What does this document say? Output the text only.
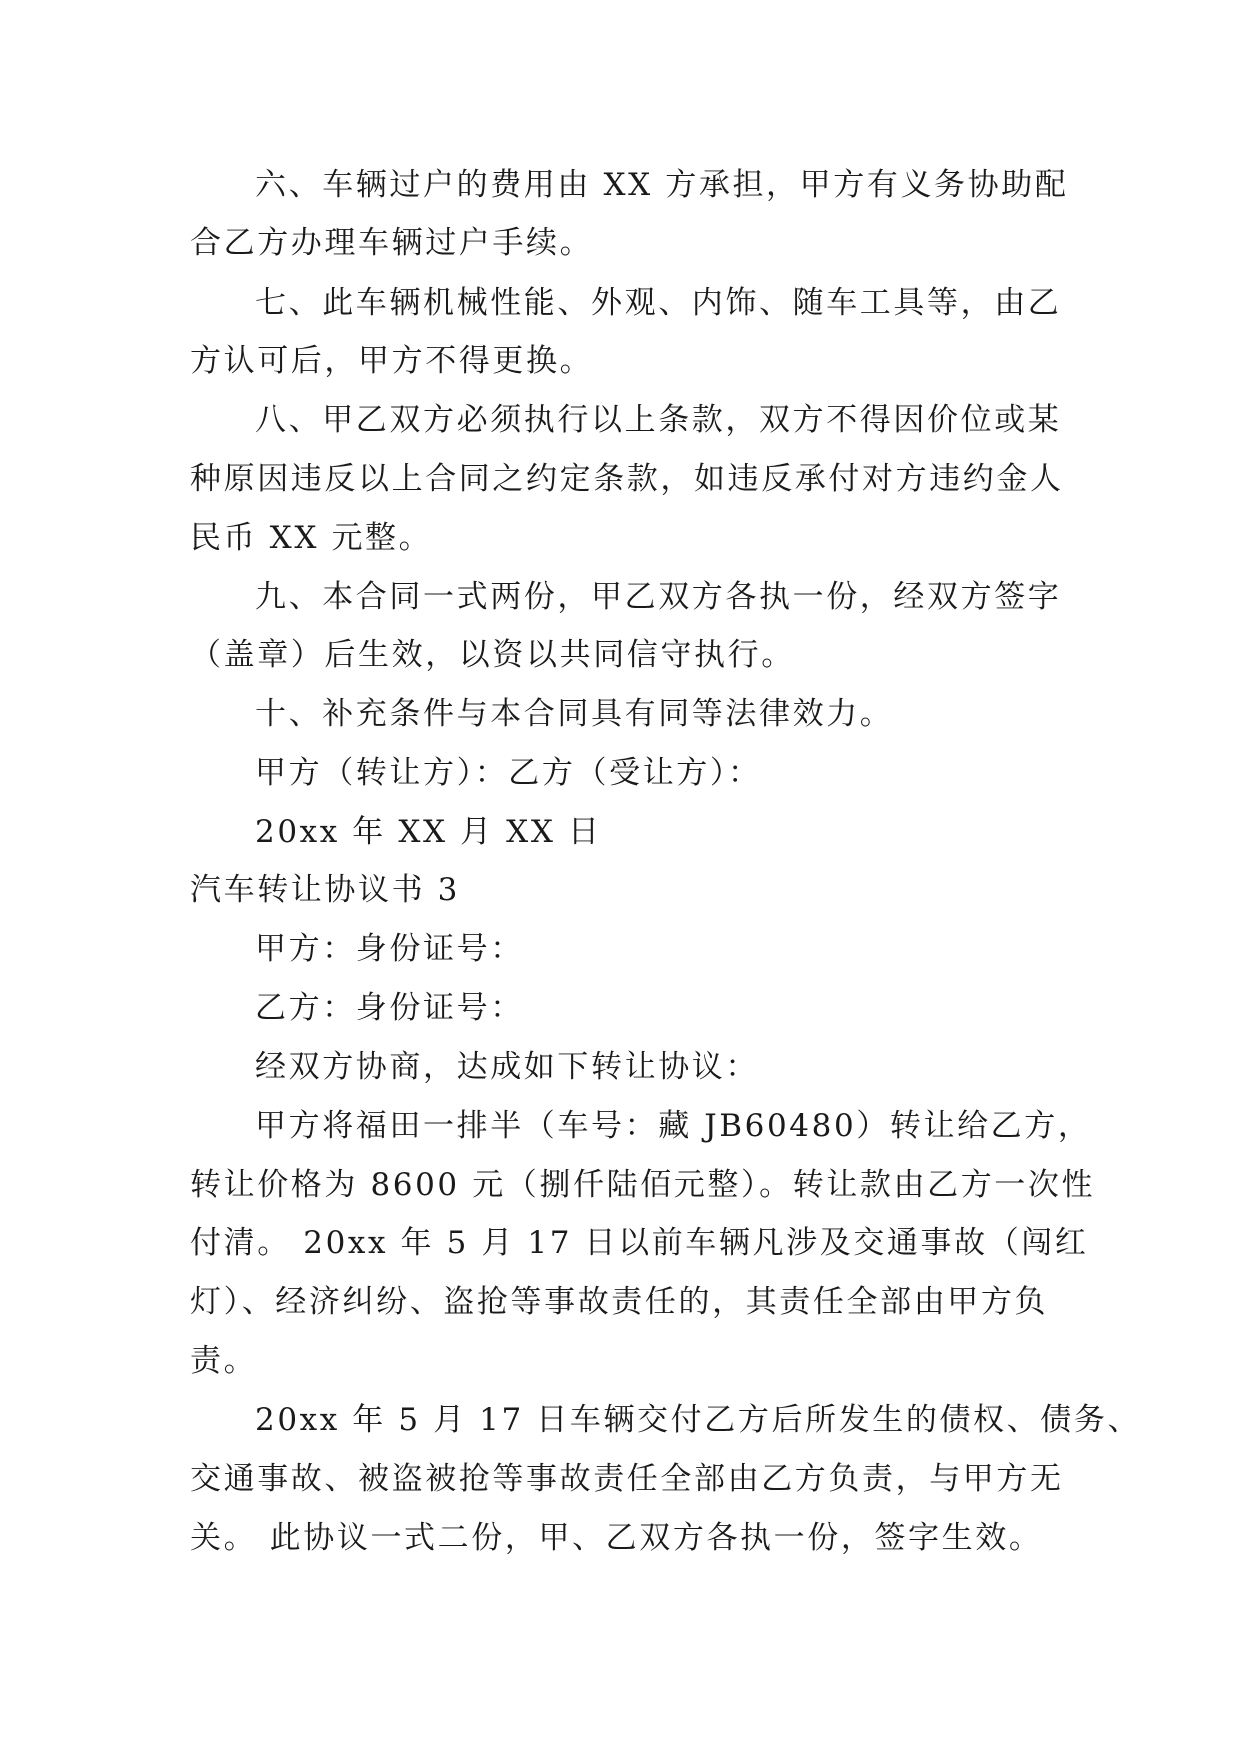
六、车辆过户的费用由 XX 方承担，甲方有义务协助配
合乙方办理车辆过户手续。
七、此车辆机械性能、外观、内饰、随车工具等，由乙
方认可后，甲方不得更换。
八、甲乙双方必须执行以上条款，双方不得因价位或某
种原因违反以上合同之约定条款，如违反承付对方违约金人
民币 XX 元整。
九、本合同一式两份，甲乙双方各执一份，经双方签字
（盖章）后生效，以资以共同信守执行。
十、补充条件与本合同具有同等法律效力。
甲方（转让方）：乙方（受让方）：
20xx 年 XX 月 XX 日
汽车转让协议书 3
甲方：身份证号：
乙方：身份证号：
经双方协商，达成如下转让协议：
甲方将福田一排半（车号：藏 JB60480）转让给乙方，
转让价格为 8600 元（捌仟陆佰元整）。转让款由乙方一次性
付清。 20xx 年 5 月 17 日以前车辆凡涉及交通事故（闯红
灯）、经济纠纷、盗抢等事故责任的，其责任全部由甲方负
责。
20xx 年 5 月 17 日车辆交付乙方后所发生的债权、债务、
交通事故、被盗被抢等事故责任全部由乙方负责，与甲方无
关。 此协议一式二份，甲、乙双方各执一份，签字生效。
